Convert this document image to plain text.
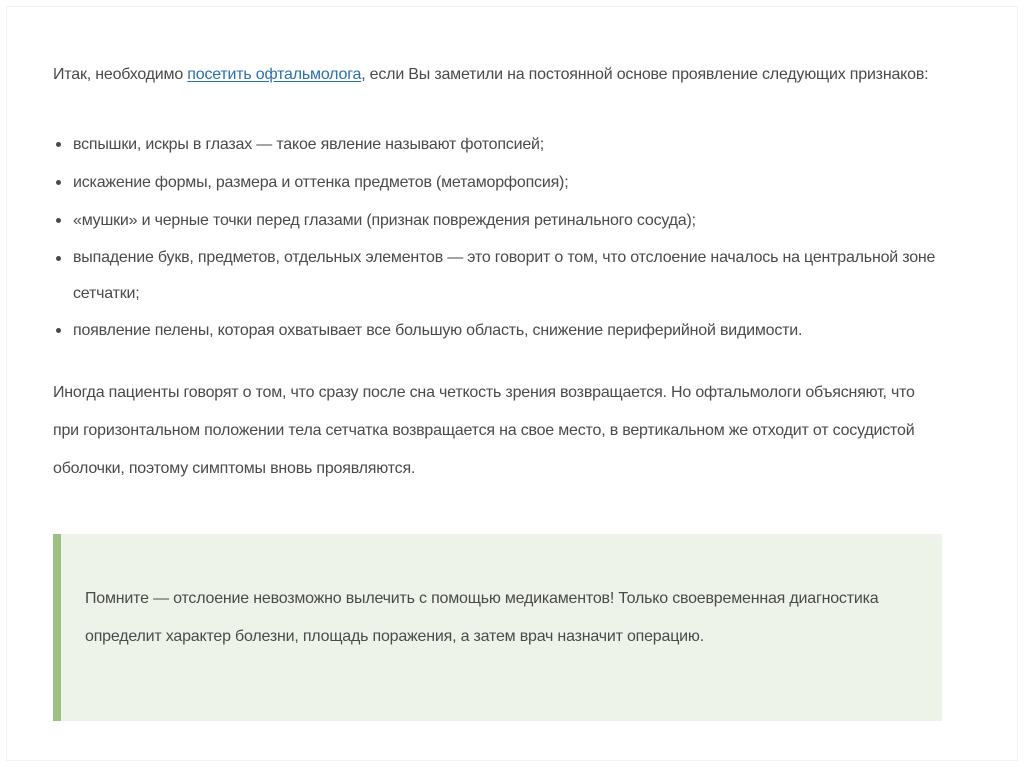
Итак, необходимо посетить офтальмолога, если Вы заметили на постоянной основе проявление следующих признаков:

вспышки, искры в глазах — такое явление называют фотопсией;
искажение формы, размера и оттенка предметов (метаморфопсия);
«мушки» и черные точки перед глазами (признак повреждения ретинального сосуда);
выпадение букв, предметов, отдельных элементов — это говорит о том, что отслоение началось на центральной зоне сетчатки;
появление пелены, которая охватывает все большую область, снижение периферийной видимости.

Иногда пациенты говорят о том, что сразу после сна четкость зрения возвращается. Но офтальмологи объясняют, что при горизонтальном положении тела сетчатка возвращается на свое место, в вертикальном же отходит от сосудистой оболочки, поэтому симптомы вновь проявляются.

Помните — отслоение невозможно вылечить с помощью медикаментов! Только своевременная диагностика определит характер болезни, площадь поражения, а затем врач назначит операцию.
